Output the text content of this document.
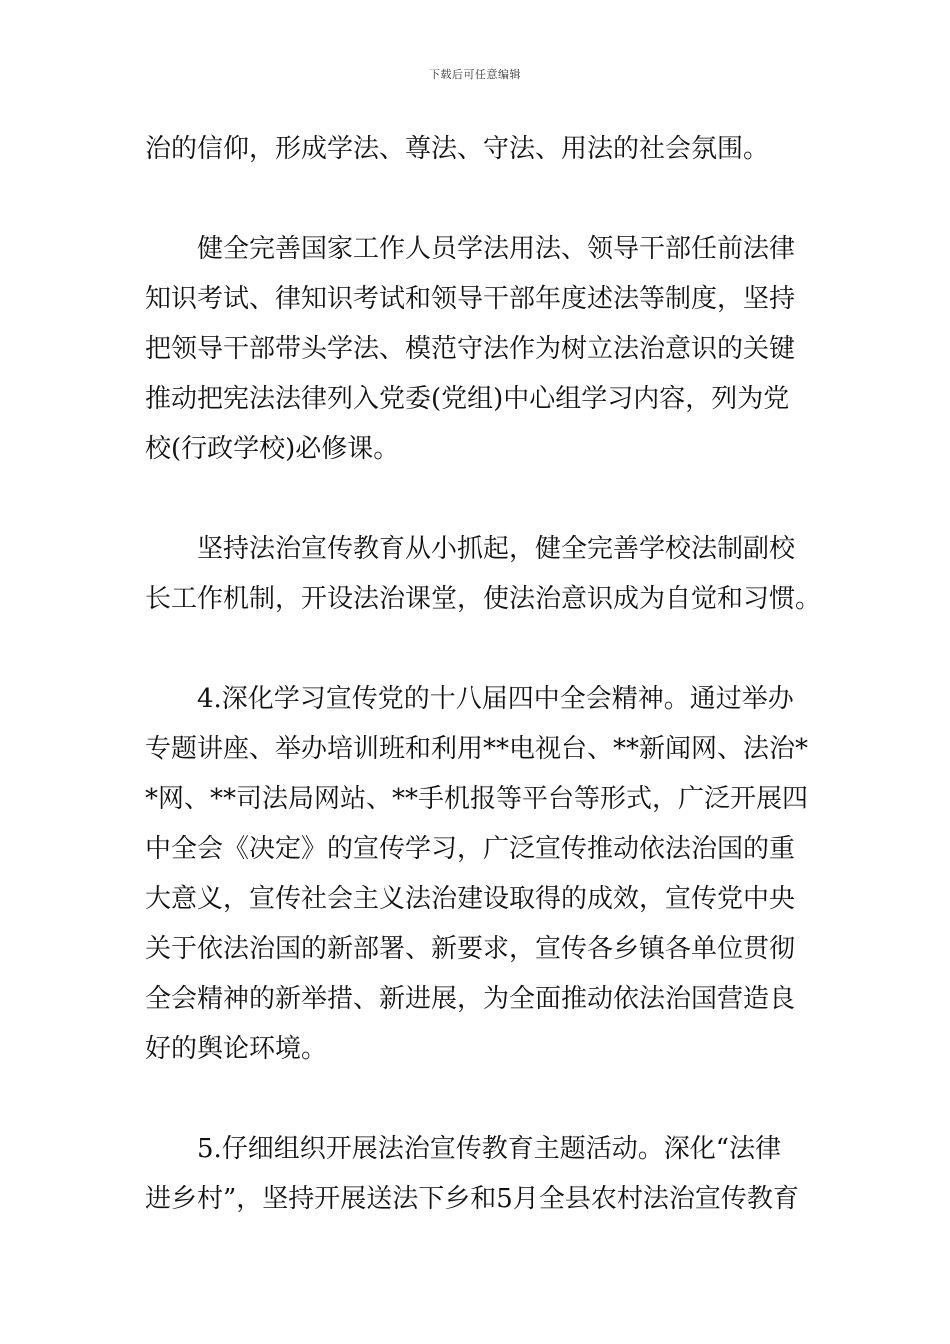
下载后可任意编辑
治的信仰，形成学法、尊法、守法、用法的社会氛围。
健全完善国家工作人员学法用法、领导干部任前法律
知识考试、律知识考试和领导干部年度述法等制度，坚持
把领导干部带头学法、模范守法作为树立法治意识的关键
推动把宪法法律列入党委(党组)中心组学习内容，列为党
校(行政学校)必修课。
坚持法治宣传教育从小抓起，健全完善学校法制副校
长工作机制，开设法治课堂，使法治意识成为自觉和习惯。
4.深化学习宣传党的十八届四中全会精神。通过举办
专题讲座、举办培训班和利用**电视台、**新闻网、法治*
*网、**司法局网站、**手机报等平台等形式，广泛开展四
中全会《决定》的宣传学习，广泛宣传推动依法治国的重
大意义，宣传社会主义法治建设取得的成效，宣传党中央
关于依法治国的新部署、新要求，宣传各乡镇各单位贯彻
全会精神的新举措、新进展，为全面推动依法治国营造良
好的舆论环境。
5.仔细组织开展法治宣传教育主题活动。深化“法律
进乡村”，坚持开展送法下乡和5月全县农村法治宣传教育
